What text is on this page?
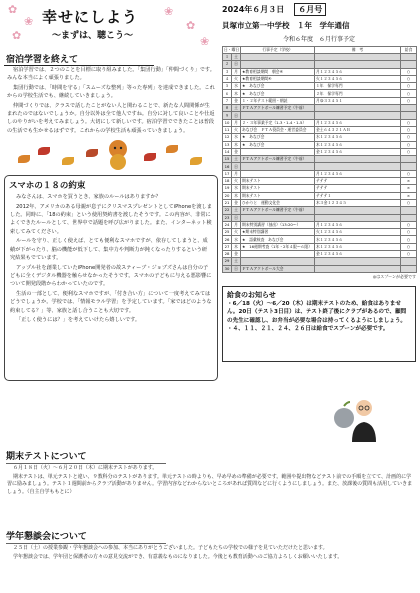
✿
❀
✿
❀
✿
❀
幸せにしよう
～まずは、聴こう～
宿泊学習を終えて

宿泊学習では、２つのことを目標に取り組みました。「集団行動」「仲間づくり」です。みんな本当によく頑張りました。

集団行動では、「時間を守る」「スムーズな整列」等った専列」を達成できました。これからの学校生活でも、継続していきましょう。

仲間づくりでは、クラスで話したことがない人と関わることで、新たな人間関係が生まれたのではないでしょうか。自分以外は全て他人ですね。自分に対して良いことや仕返しのやりがいを考えてみましょう。大切にして新しいです。宿泊学習でできたことは普段の生活でも生かせるはずです。これからの学校生活も頑張っていきましょう。

スマホの１８の約束

みなさんは、スマホを買うとき、家族のルールはありますか？

2012年、アメリカのある母親が息子にクリスマスプレゼントとしてiPhoneを渡しました。同時に、「18の約束」という使用契約書を渡したそうです。この内容が、非常によくできたルールとして、世界中で話題を呼び広がりました。また、インターネット検索してみてください。

ルールを守り、正しく使えば、とても便利なスマホですが、依存してしまうと、成績が下がったり、脳の機能が低下して、集中力や判断力が鈍くなったりするという研究結果もでています。

アップル社を創業していたiPhone開発者の故スティーブ・ジョブズさんは自分の子どもに全くデジタル機器を触らせなかったそうです。スマホの子どもに与える悪影響について開発段階からわかっていたのです。

生活の一部として、便利なスマホですが、「付き合い方」について一度考えてみてはどうでしょうか。学校では、「情報モラル学習」を予定しています。「家ではどのような約束してる？」等、家族と話し合うことも大切です。

「正しく使うには？」を考えていけたら嬉しいです。

2024年６月３日	６月号
貝塚市立第一中学校　１年　学年通信
令和６年度　６月行事予定
日・曜日		行事予定（学校）	備　考	給食
１	土			
２	日			
３	月	★教育相談期間　朝会④	月１２３４５６	○
４	火	★教育相談期間④	火１２３４５６	○
５	水	★　あなび会	１年　保学専門	○
６	木	★　あなび会	２年　保学専門	○
７	金	１・２年テスト範囲・朝読	月ゆ３３４５１	○
８	土	ＰＴＡアクトボール練習予定（午前）		
９	日			
10	月	２・３年事業予定（1-3・1-4・1-5）	月１２３４５６	○
11	火	あなび会　ＰＴＡ役員会・運営委員会	金土６４３２１ＡＢ	○
12	水	★　あなび会	水１２３４５６	○
13	木	★　あなび会	木１２３４５６	○
14	金		金１２３４５６	○
15	土	ＰＴＡアクトボール練習予定（午前）		
16	日			
17	月		月１２３４５６	○
18	火	期末テスト	テテテ	×
19	水	期末テスト	テテテ	×
20	木	期末テスト	テテテ１	×
21	金	ひかりと　運動文化会	木３金１２３４５	○
22	土	ＰＴＡアクトボール練習予定（午前）		
23	日			
24	月	期末特別講習（抽出）（13:20～）	月１２３４５６	○
25	火	★期末特別講習	火１２３４５６	○
26	水	★　語彙検査　あなび会	水１２３４５６	○
27	木	★　16週期考査（1年・2年４限～６限）	木１２３４５６	○
28	金		金１２３４５６	○
29	土			
30	日	ＰＴＡアクトボール大会		
◎はスプーンが必要です
給食のお知らせ
・6／18（火）～6／20（木）は期末テストのため、給食はありません。20日（テスト3日目）は、テスト終了後にクラブがあるので、顧問の先生に確認し、お弁当が必要な場合は持ってくるようにしましょう。
・４、１１、２１、２４、２６日は給食でスプーンが必要です。
期末テストについて

６月１８日（火）～６月２０日（木）に期末テストがあります。

期末テストは、単元テストと違い、９教科分のテストがあります。単元テストの時よりも、早め早めの準備が必要です。範囲や提出物などテスト前での手順を立てて、計画的に学習に励みましょう。テスト１週間前からクラブ活動がありません。学習内容などわからないところがあれば質問などに行くようにしましょう。また、放課後の質問も活用していきましょう。（自主自学ももとに）

学年懇談会について

２５日（土）の授業参観・学年懇談会への参加、本当にありがとうございました。子どもたちの学校での様子を見ていただけたと思います。

学年懇談会では、学年団と保護者の方々の意見交流ができ、有意義なものになりました。今後とも教育活動へのご協力よろしくお願いいたします。
